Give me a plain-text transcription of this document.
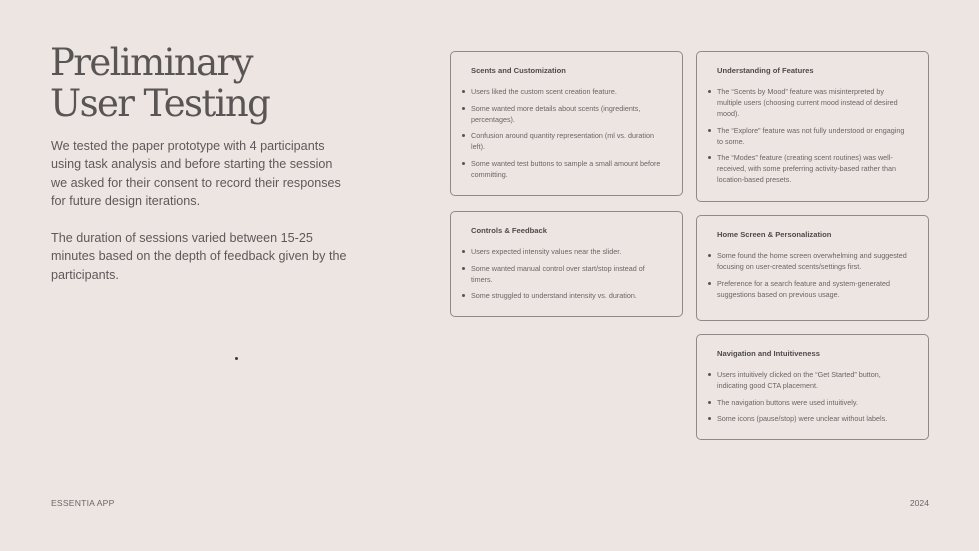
Preliminary
User Testing

We tested the paper prototype with 4 participants using task analysis and before starting the session we asked for their consent to record their responses for future design iterations.

The duration of sessions varied between 15-25 minutes based on the depth of feedback given by the participants.

Scents and Customization
Users liked the custom scent creation feature.
Some wanted more details about scents (ingredients, percentages).
Confusion around quantity representation (ml vs. duration left).
Some wanted test buttons to sample a small amount before committing.
Controls & Feedback
Users expected intensity values near the slider.
Some wanted manual control over start/stop instead of timers.
Some struggled to understand intensity vs. duration.
Understanding of Features
The “Scents by Mood” feature was misinterpreted by multiple users (choosing current mood instead of desired mood).
The “Explore” feature was not fully understood or engaging to some.
The “Modes” feature (creating scent routines) was well-received, with some preferring activity-based rather than location-based presets.
Home Screen & Personalization
Some found the home screen overwhelming and suggested focusing on user-created scents/settings first.
Preference for a search feature and system-generated suggestions based on previous usage.
Navigation and Intuitiveness
Users intuitively clicked on the “Get Started” button, indicating good CTA placement.
The navigation buttons were used intuitively.
Some icons (pause/stop) were unclear without labels.
ESSENTIA APP	2024
